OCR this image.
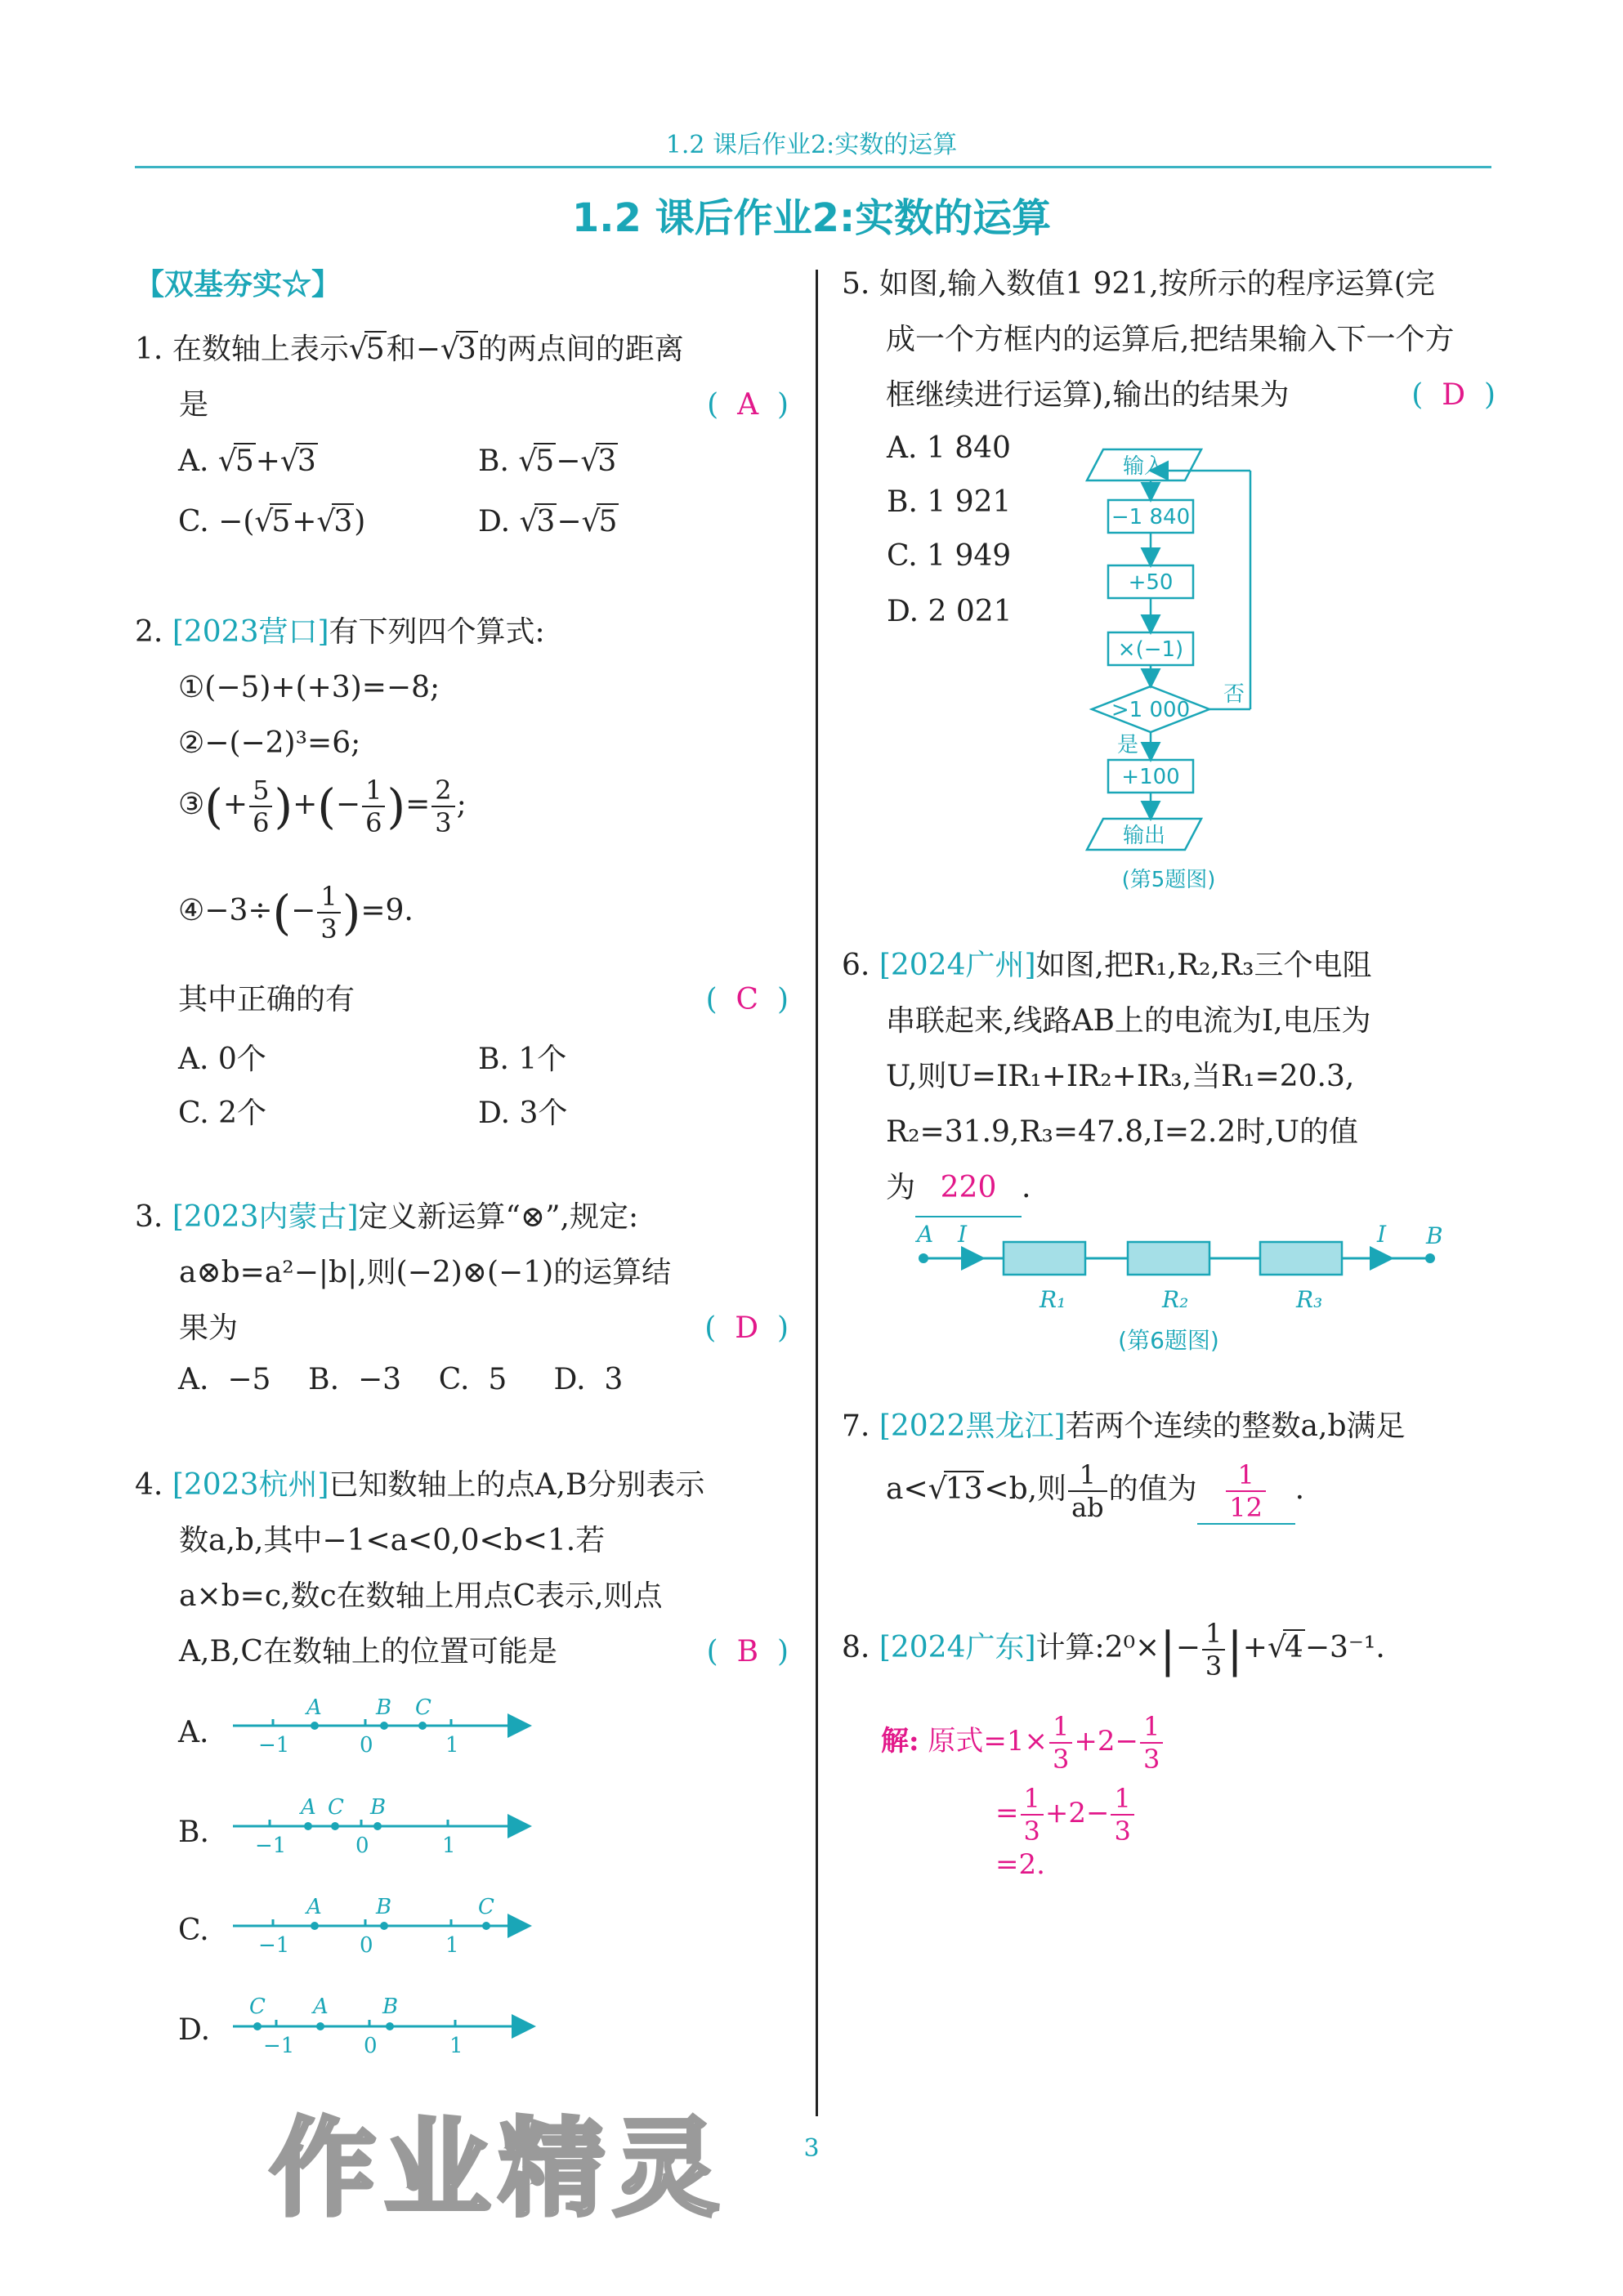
1.2 课后作业2:实数的运算
1.2 课后作业2:实数的运算
【双基夯实☆】
1. 在数轴上表示√5和−√3的两点间的距离
是	(  A  )
A. √5+√3	B. √5−√3
C. −(√5+√3)	D. √3−√5
2. [2023营口]有下列四个算式:
①(−5)+(+3)=−8;
②−(−2)³=6;
③(+ $\frac{5}{6}$ )+(− $\frac{1}{6}$ )= $\frac{2}{3}$ ;
④−3÷(− $\frac{1}{3} )=9$.
其中正确的有	(  C  )
A. 0个	B. 1个
C. 2个	D. 3个
3. [2023内蒙古]定义新运算“⊗”,规定:
a⊗b=a²−|b|,则(−2)⊗(−1)的运算结
果为	(  D  )
A.  −5    B.  −3    C.  5     D.  3
4. [2023杭州]已知数轴上的点A,B分别表示
数a,b,其中−1<a<0,0<b<1.若
a×b=c,数c在数轴上用点C表示,则点
A,B,C在数轴上的位置可能是	(  B  )
A.
B.
C.
D.
A	B C
−1	0	1
A C B
−1	0	1
A	B	C
−1	0	1
C A	B
−1	0	1
5. 如图,输入数值1 921,按所示的程序运算(完
成一个方框内的运算后,把结果输入下一个方
框继续进行运算),输出的结果为	(  D  )
A. 1 840
B. 1 921
C. 1 949
D. 2 021
输入
−1 840
+50
×(−1)
>1 000
否
是
+100
输出
(第5题图)
6. [2024广州]如图,把R₁,R₂,R₃三个电阻
串联起来,线路AB上的电流为I,电压为
U,则U=IR₁+IR₂+IR₃,当R₁=20.3,
R₂=31.9,R₃=47.8,I=2.2时,U的值
为 220 .
A I	I B
R₁	R₂	R₃
(第6题图)
7. [2022黑龙江]若两个连续的整数a,b满足
a<√13<b,则 $\frac{1}{ab}$ 的值为 $\frac{1}{12}$ .
8. [2024广东]计算:2⁰×|− $\frac{1}{3} |+√4-3^{-1}$.
解: 原式$=1\times \frac{1}{3} +2- \frac{1}{3}$
= $\frac{1}{3} +2- \frac{1}{3}$
=2.
3
作业精灵
